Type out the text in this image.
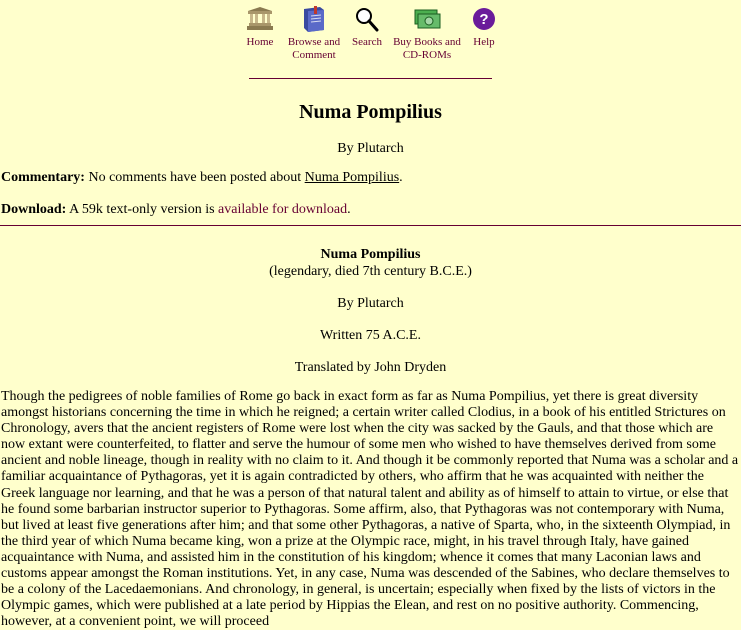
Home	Browse and Comment
Search Buy Books and CD-ROMs
?
Help
Numa Pompilius
By Plutarch
Commentary: No comments have been posted about Numa Pompilius.
Download: A 59k text-only version is available for download.
Numa Pompilius
(legendary, died 7th century B.C.E.)
By Plutarch
Written 75 A.C.E.
Translated by John Dryden
Though the pedigrees of noble families of Rome go back in exact form as far as Numa Pompilius, yet there is great diversity amongst historians concerning the time in which he reigned; a certain writer called Clodius, in a book of his entitled Strictures on Chronology, avers that the ancient registers of Rome were lost when the city was sacked by the Gauls, and that those which are now extant were counterfeited, to flatter and serve the humour of some men who wished to have themselves derived from some ancient and noble lineage, though in reality with no claim to it. And though it be commonly reported that Numa was a scholar and a familiar acquaintance of Pythagoras, yet it is again contradicted by others, who affirm that he was acquainted with neither the Greek language nor learning, and that he was a person of that natural talent and ability as of himself to attain to virtue, or else that he found some barbarian instructor superior to Pythagoras. Some affirm, also, that Pythagoras was not contemporary with Numa, but lived at least five generations after him; and that some other Pythagoras, a native of Sparta, who, in the sixteenth Olympiad, in the third year of which Numa became king, won a prize at the Olympic race, might, in his travel through Italy, have gained acquaintance with Numa, and assisted him in the constitution of his kingdom; whence it comes that many Laconian laws and customs appear amongst the Roman institutions. Yet, in any case, Numa was descended of the Sabines, who declare themselves to be a colony of the Lacedaemonians. And chronology, in general, is uncertain; especially when fixed by the lists of victors in the Olympic games, which were published at a late period by Hippias the Elean, and rest on no positive authority. Commencing, however, at a convenient point, we will proceed
